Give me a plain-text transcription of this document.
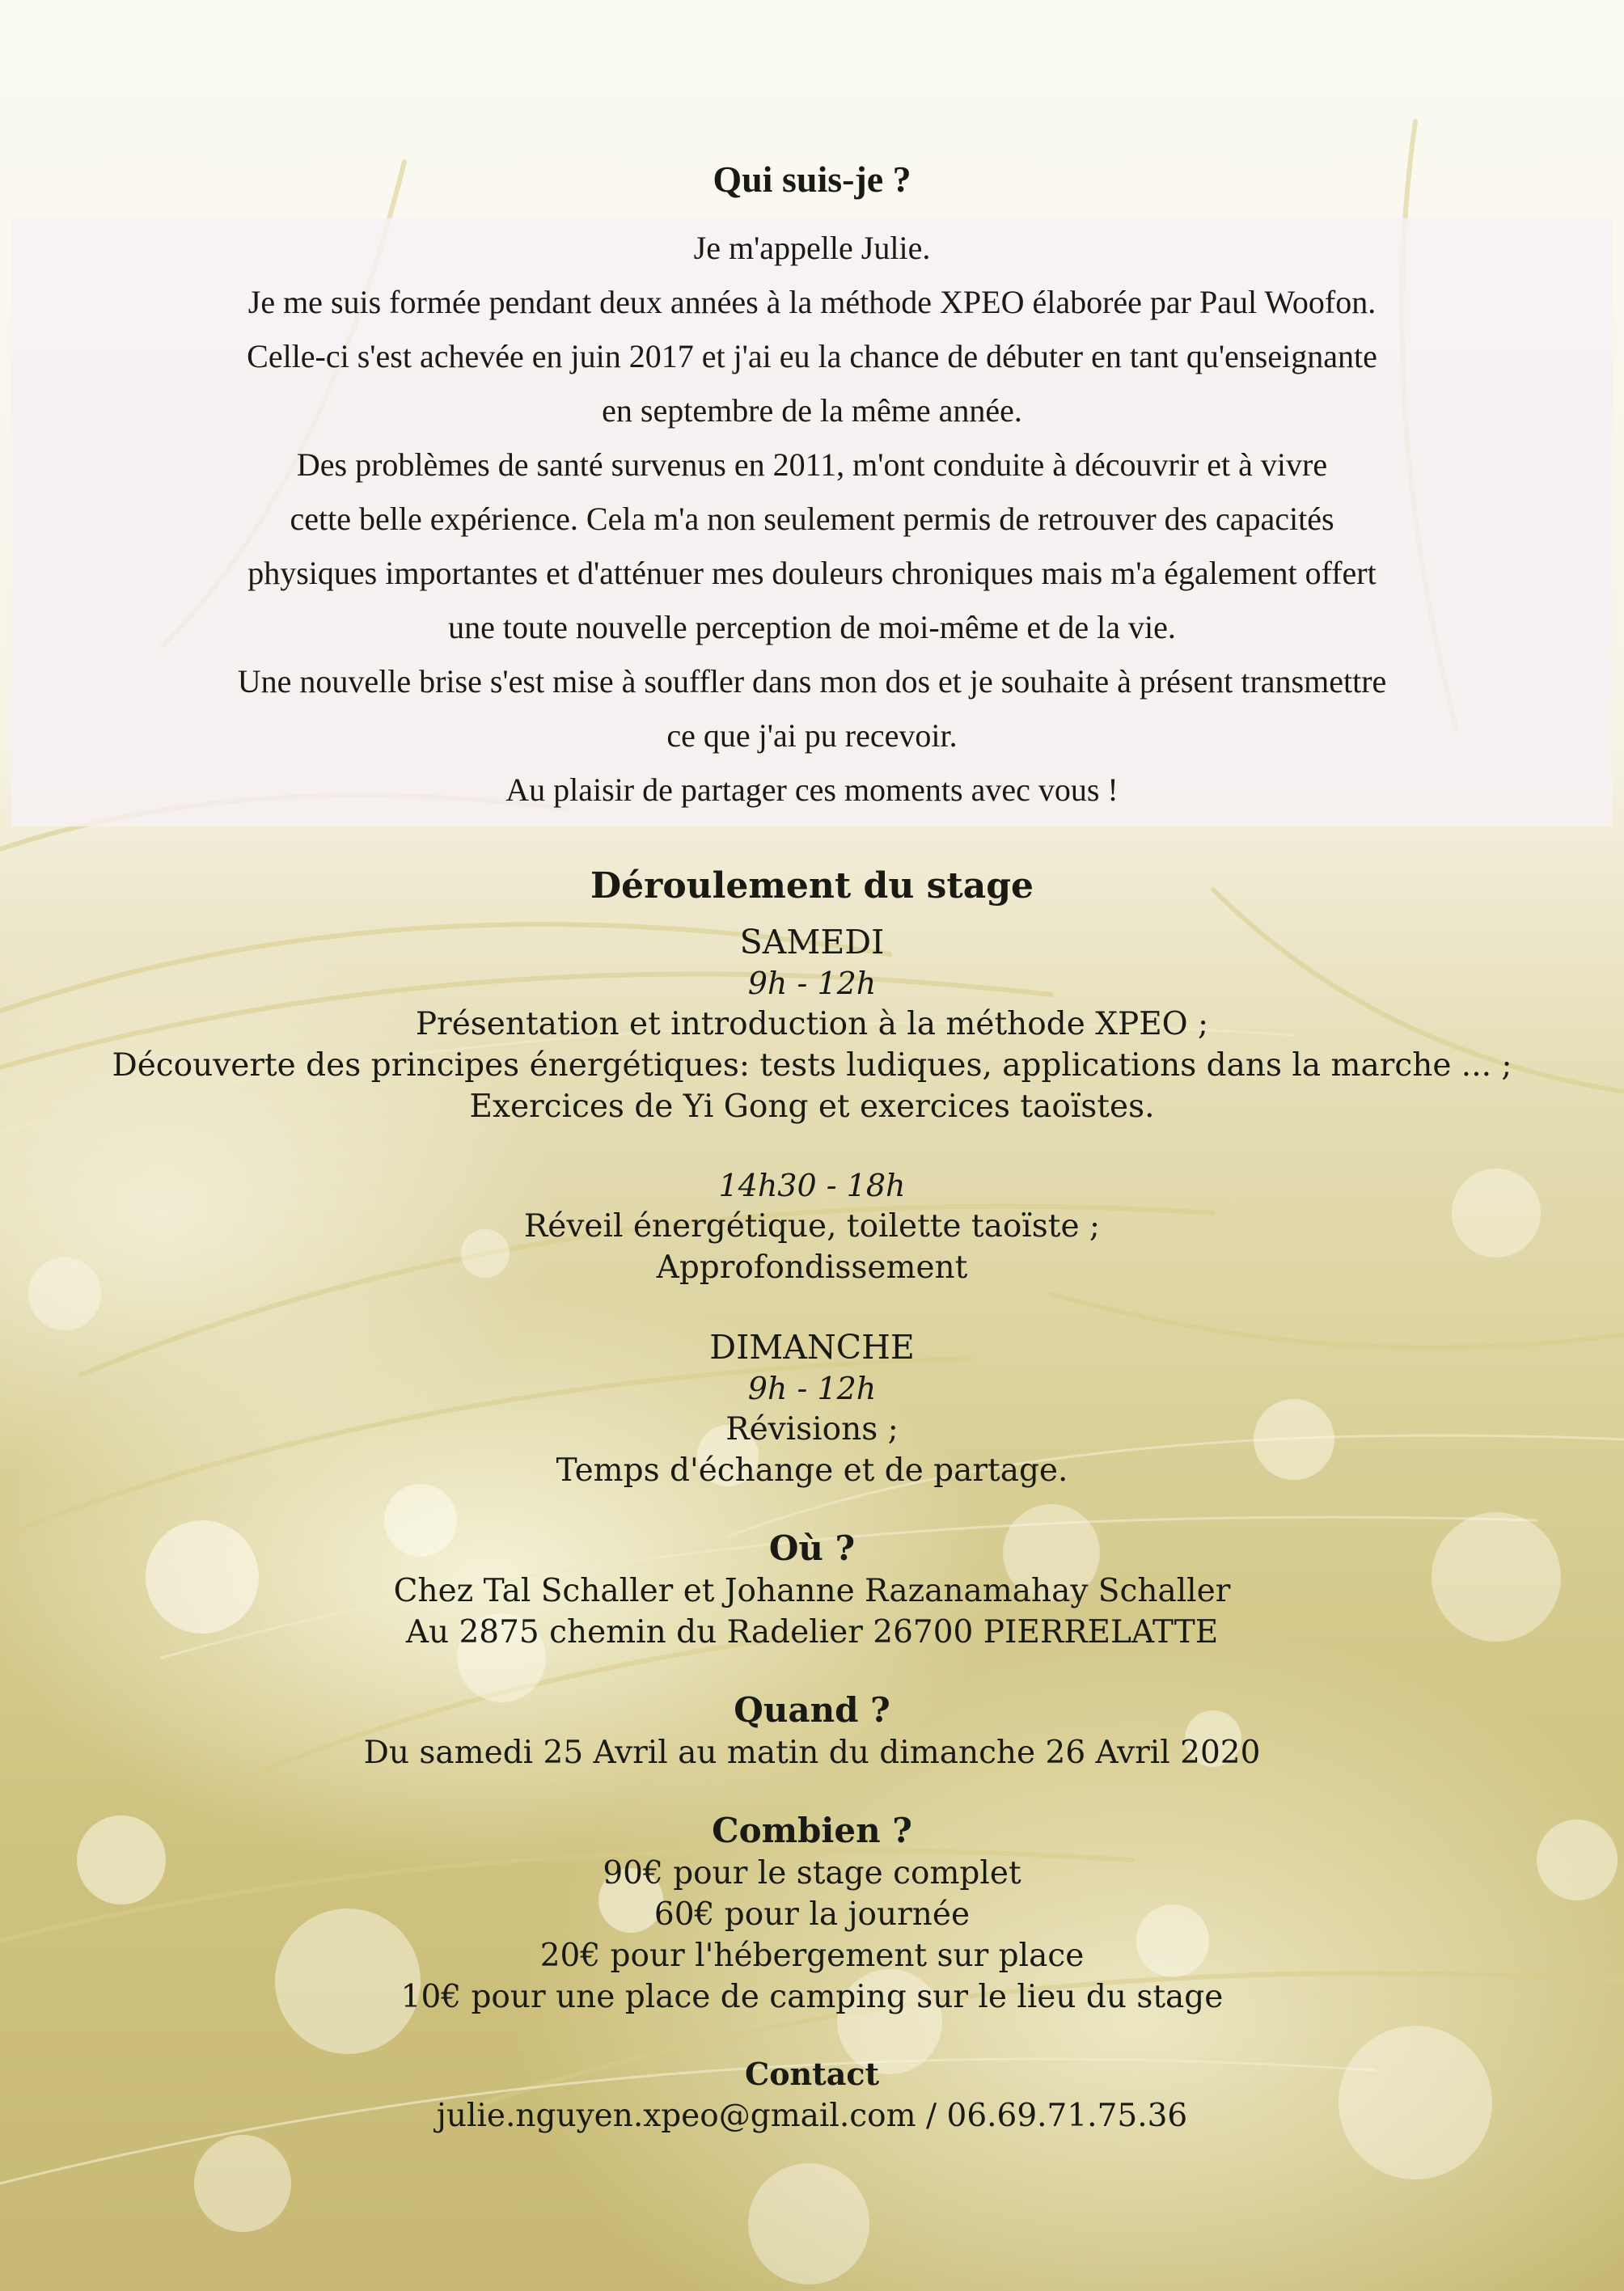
Qui suis-je ?
Je m'appelle Julie.
Je me suis formée pendant deux années à la méthode XPEO élaborée par Paul Woofon.
Celle-ci s'est achevée en juin 2017 et j'ai eu la chance de débuter en tant qu'enseignante
en septembre de la même année.
Des problèmes de santé survenus en 2011, m'ont conduite à découvrir et à vivre
cette belle expérience. Cela m'a non seulement permis de retrouver des capacités
physiques importantes et d'atténuer mes douleurs chroniques mais m'a également offert
une toute nouvelle perception de moi-même et de la vie.
Une nouvelle brise s'est mise à souffler dans mon dos et je souhaite à présent transmettre
ce que j'ai pu recevoir.
Au plaisir de partager ces moments avec vous !
Déroulement du stage
SAMEDI
9h - 12h
Présentation et introduction à la méthode XPEO ;
Découverte des principes énergétiques: tests ludiques, applications dans la marche ... ;
Exercices de Yi Gong et exercices taoïstes.
14h30 - 18h
Réveil énergétique, toilette taoïste ;
Approfondissement
DIMANCHE
9h - 12h
Révisions ;
Temps d'échange et de partage.
Où ?
Chez Tal Schaller et Johanne Razanamahay Schaller
Au 2875 chemin du Radelier 26700 PIERRELATTE
Quand ?
Du samedi 25 Avril au matin du dimanche 26 Avril 2020
Combien ?
90€ pour le stage complet
60€ pour la journée
20€ pour l'hébergement sur place
10€ pour une place de camping sur le lieu du stage
Contact
julie.nguyen.xpeo@gmail.com / 06.69.71.75.36
